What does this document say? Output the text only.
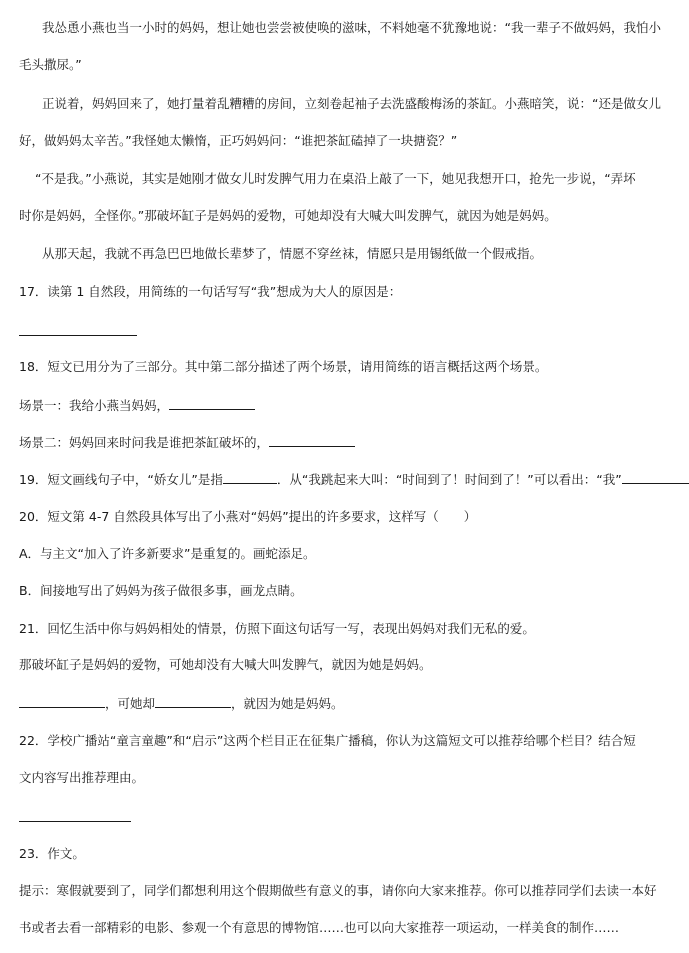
我怂恿小燕也当一小时的妈妈，想让她也尝尝被使唤的滋味，不料她毫不犹豫地说：“我一辈子不做妈妈，我怕小
毛头撒尿。”
正说着，妈妈回来了，她打量着乱糟糟的房间，立刻卷起袖子去洗盛酸梅汤的茶缸。小燕暗笑，说：“还是做女儿
好，做妈妈太辛苦。”我怪她太懒惰，正巧妈妈问：“谁把茶缸磕掉了一块搪瓷？”
“不是我。”小燕说，其实是她刚才做女儿时发脾气用力在桌沿上敲了一下，她见我想开口，抢先一步说，“弄坏
时你是妈妈，全怪你。”那破坏缸子是妈妈的爱物，可她却没有大喊大叫发脾气，就因为她是妈妈。
从那天起，我就不再急巴巴地做长辈梦了，情愿不穿丝袜，情愿只是用锡纸做一个假戒指。
17．读第 1 自然段，用简练的一句话写写“我”想成为大人的原因是：
18．短文已用分为了三部分。其中第二部分描述了两个场景，请用简练的语言概括这两个场景。
场景一：我给小燕当妈妈，
场景二：妈妈回来时问我是谁把茶缸破坏的，
19．短文画线句子中，“娇女儿”是指	．从“我跳起来大叫：“时间到了！时间到了！”可以看出：“我”
20．短文第 4-7 自然段具体写出了小燕对“妈妈”提出的许多要求，这样写（　　）
A．与主文“加入了许多新要求”是重复的。画蛇添足。
B．间接地写出了妈妈为孩子做很多事，画龙点睛。
21．回忆生活中你与妈妈相处的情景，仿照下面这句话写一写，表现出妈妈对我们无私的爱。
那破坏缸子是妈妈的爱物，可她却没有大喊大叫发脾气，就因为她是妈妈。
，可她却	，就因为她是妈妈。
22．学校广播站“童言童趣”和“启示”这两个栏目正在征集广播稿，你认为这篇短文可以推荐给哪个栏目？结合短
文内容写出推荐理由。
23．作文。
提示：寒假就要到了，同学们都想利用这个假期做些有意义的事，请你向大家来推荐。你可以推荐同学们去读一本好
书或者去看一部精彩的电影、参观一个有意思的博物馆……也可以向大家推荐一项运动，一样美食的制作……
